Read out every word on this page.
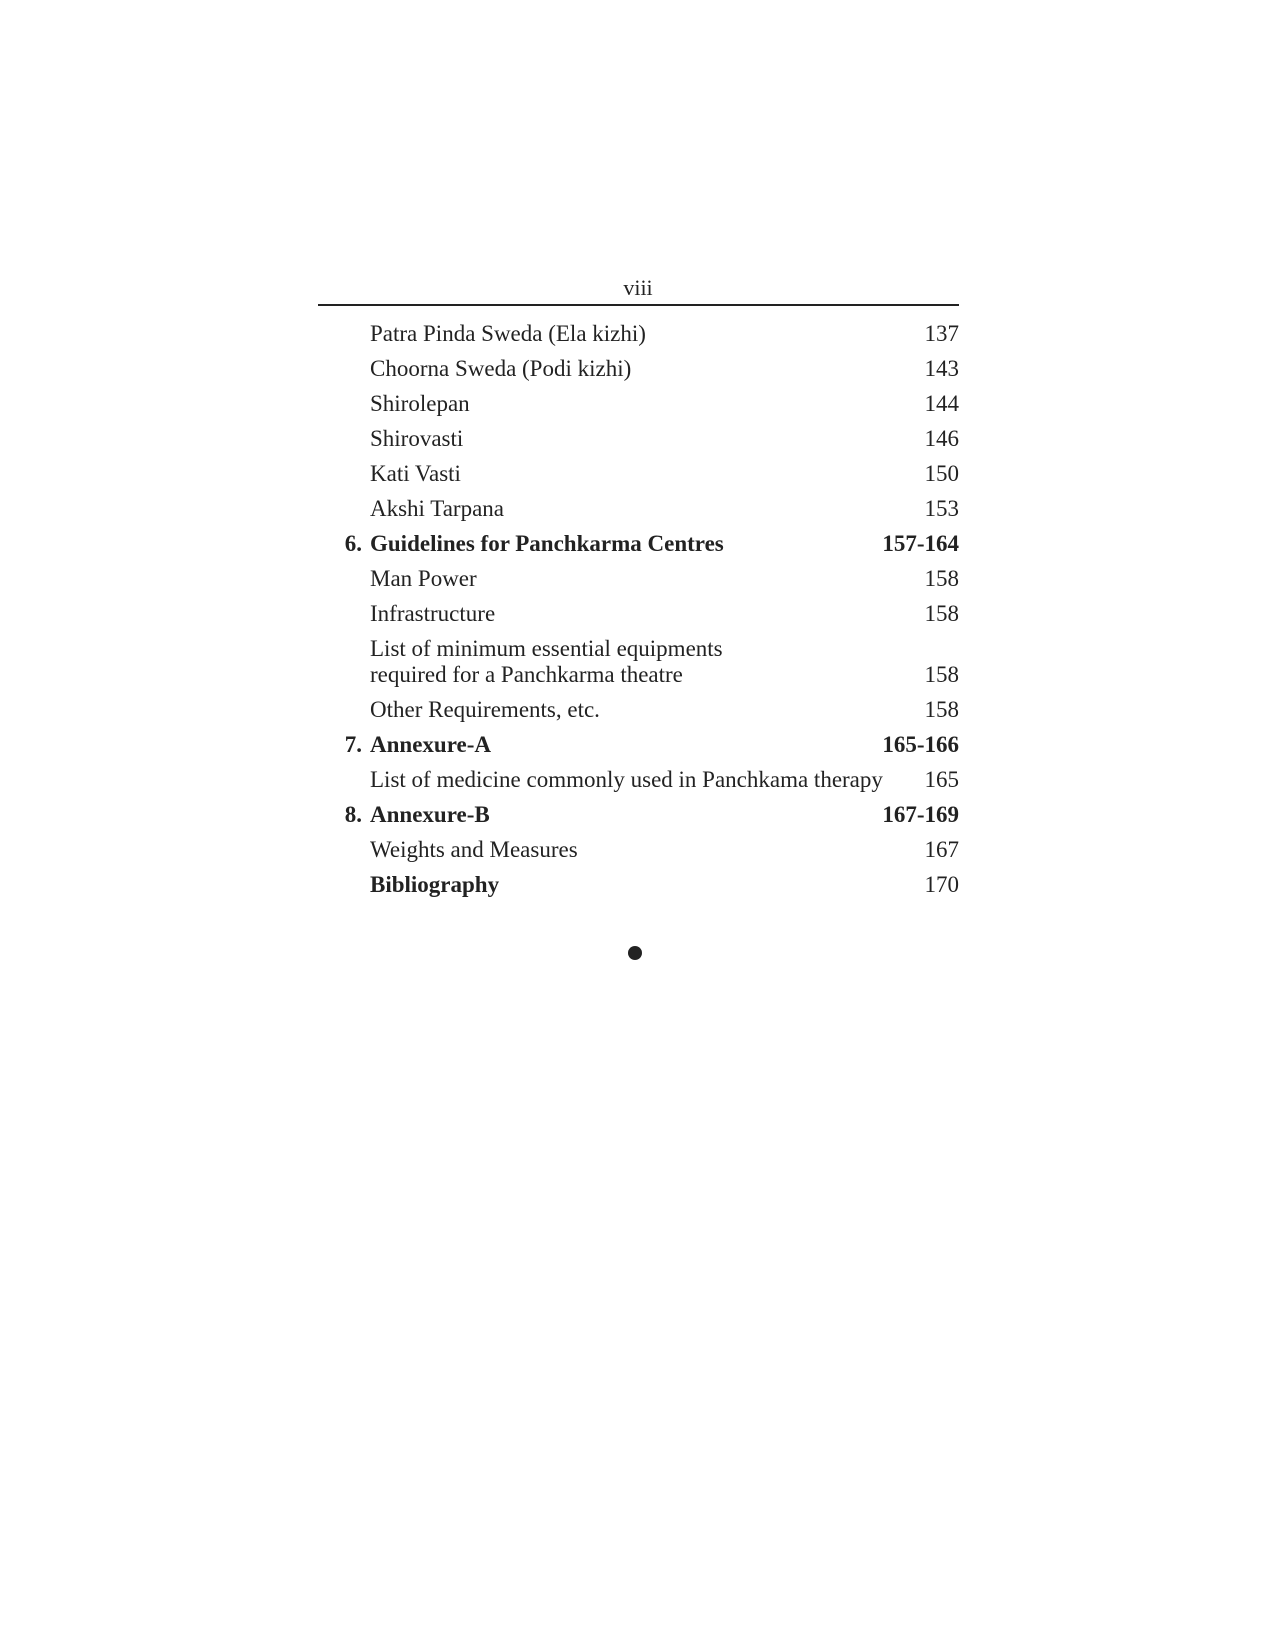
viii
Patra Pinda Sweda (Ela kizhi)	137
Choorna Sweda (Podi kizhi)	143
Shirolepan	144
Shirovasti	146
Kati Vasti	150
Akshi Tarpana	153
6. Guidelines for Panchkarma Centres	157-164
Man Power	158
Infrastructure	158
List of minimum essential equipments
required for a Panchkarma theatre	158
Other Requirements, etc.	158
7. Annexure-A	165-166
List of medicine commonly used in Panchkama therapy	165
8. Annexure-B	167-169
Weights and Measures	167
Bibliography	170
